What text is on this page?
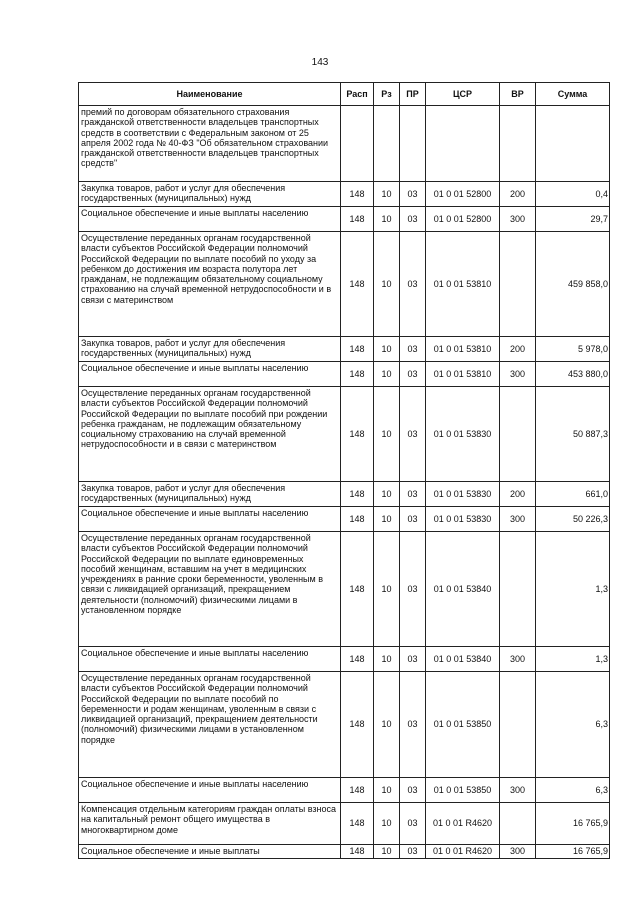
143
Наименование	Расп	Рз	ПР	ЦСР	ВР	Сумма
премий по договорам обязательного страхования гражданской ответственности владельцев транспортных средств в соответствии с Федеральным законом от 25 апреля 2002 года № 40-ФЗ "Об обязательном страховании гражданской ответственности владельцев транспортных средств"						
Закупка товаров, работ и услуг для обеспечения государственных (муниципальных) нужд	148	10	03	01 0 01 52800	200	0,4
Социальное обеспечение и иные выплаты населению	148	10	03	01 0 01 52800	300	29,7
Осуществление переданных органам государственной власти субъектов Российской Федерации полномочий Российской Федерации по выплате пособий по уходу за ребенком до достижения им возраста полутора лет гражданам, не подлежащим обязательному социальному страхованию на случай временной нетрудоспособности и в связи с материнством	148	10	03	01 0 01 53810		459 858,0
Закупка товаров, работ и услуг для обеспечения государственных (муниципальных) нужд	148	10	03	01 0 01 53810	200	5 978,0
Социальное обеспечение и иные выплаты населению	148	10	03	01 0 01 53810	300	453 880,0
Осуществление переданных органам государственной власти субъектов Российской Федерации полномочий Российской Федерации по выплате пособий при рождении ребенка гражданам, не подлежащим обязательному социальному страхованию на случай временной нетрудоспособности и в связи с материнством	148	10	03	01 0 01 53830		50 887,3
Закупка товаров, работ и услуг для обеспечения государственных (муниципальных) нужд	148	10	03	01 0 01 53830	200	661,0
Социальное обеспечение и иные выплаты населению	148	10	03	01 0 01 53830	300	50 226,3
Осуществление переданных органам государственной власти субъектов Российской Федерации полномочий Российской Федерации по выплате единовременных пособий женщинам, вставшим на учет в медицинских учреждениях в ранние сроки беременности, уволенным в связи с ликвидацией организаций, прекращением деятельности (полномочий) физическими лицами в установленном порядке	148	10	03	01 0 01 53840		1,3
Социальное обеспечение и иные выплаты населению	148	10	03	01 0 01 53840	300	1,3
Осуществление переданных органам государственной власти субъектов Российской Федерации полномочий Российской Федерации по выплате пособий по беременности и родам женщинам, уволенным в связи с ликвидацией организаций, прекращением деятельности (полномочий) физическими лицами в установленном порядке	148	10	03	01 0 01 53850		6,3
Социальное обеспечение и иные выплаты населению	148	10	03	01 0 01 53850	300	6,3
Компенсация отдельным категориям граждан оплаты взноса на капитальный ремонт общего имущества в многоквартирном доме	148	10	03	01 0 01 R4620		16 765,9
Социальное обеспечение и иные выплаты	148	10	03	01 0 01 R4620	300	16 765,9
